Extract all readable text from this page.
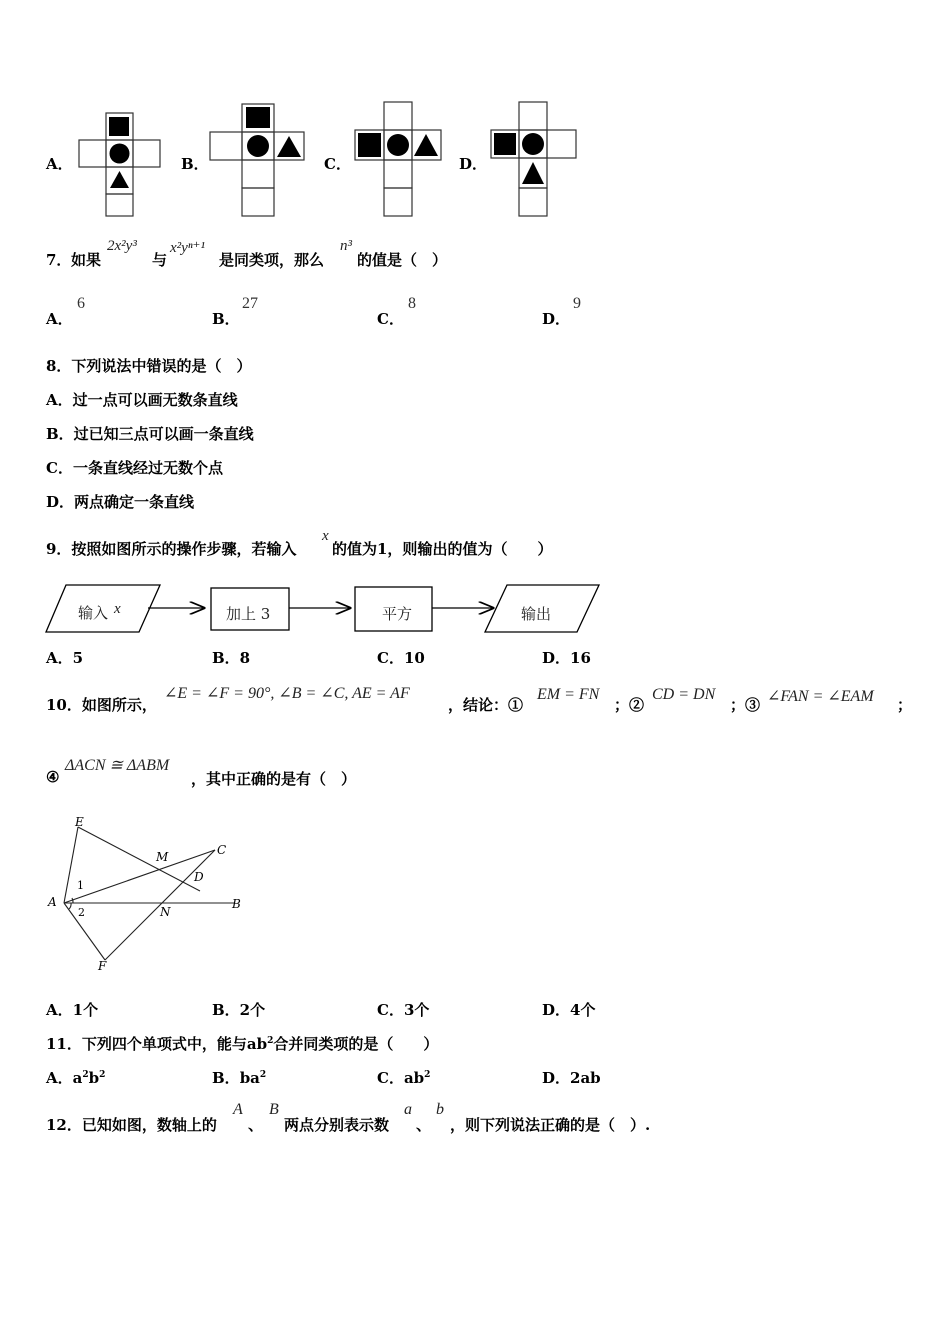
A．	B．	C．	D．
7． 如果
2x²y³
与
x²yⁿ⁺¹
是同类项，那么
n³
的值是（　）
A．
6
B．
27
C．
8
D．
9
8．下列说法中错误的是（　）
A．过一点可以画无数条直线
B．过已知三点可以画一条直线
C．一条直线经过无数个点
D．两点确定一条直线
9．按照如图所示的操作步骤，若输入
x
的值为1，则输出的值为（　　）
输入 x	加上 3	平方	输出
A．5	B．8	C．10	D．16
10．如图所示，
∠E = ∠F = 90°, ∠B = ∠C, AE = AF
，结论：①
EM = FN
；②
CD = DN
；③ ∠FAN = ∠EAM ；
④
ΔACN ≅ ΔABM
，其中正确的是有（　）
E
M	C
D
A
1
2	N
B
F
A．1个	B．2个	C．3个	D．4个
11．下列四个单项式中，能与$ab^2$合并同类项的是（　　）
A．$a^2b^2$	B．$ba^2$	C．$ab^2$	D．2ab
12．已知如图，数轴上的
A
、
B
两点分别表示数
a
、
b
，则下列说法正确的是（　）.
